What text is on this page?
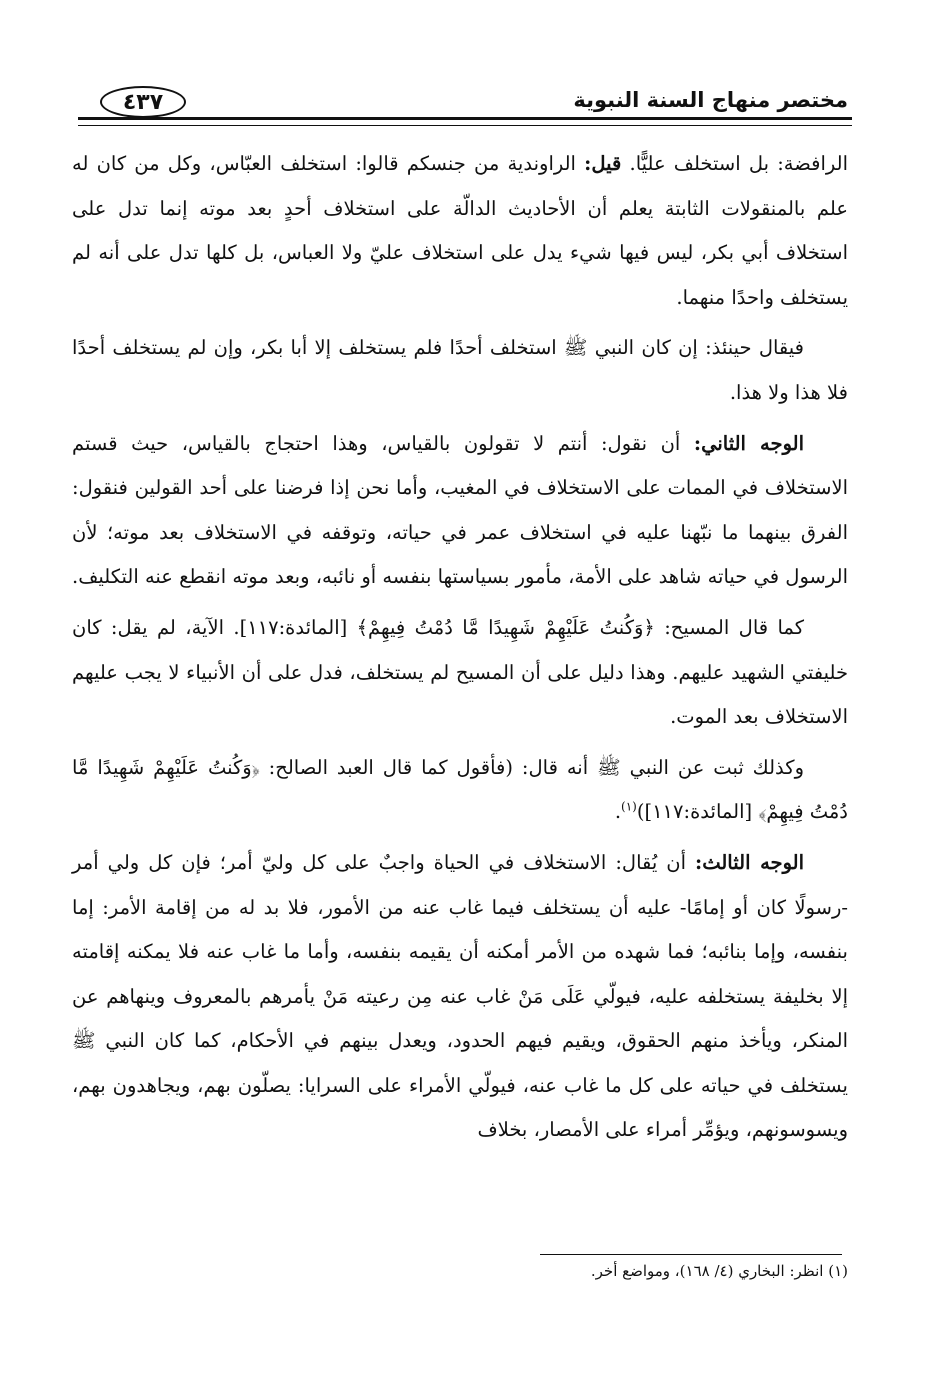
مختصر منهاج السنة النبوية
٤٣٧

الرافضة: بل استخلف عليًّا. قيل: الراوندية من جنسكم قالوا: استخلف العبّاس، وكل من كان له علم بالمنقولات الثابتة يعلم أن الأحاديث الدالّة على استخلاف أحدٍ بعد موته إنما تدل على استخلاف أبي بكر، ليس فيها شيء يدل على استخلاف عليّ ولا العباس، بل كلها تدل على أنه لم يستخلف واحدًا منهما.

فيقال حينئذ: إن كان النبي ﷺ استخلف أحدًا فلم يستخلف إلا أبا بكر، وإن لم يستخلف أحدًا فلا هذا ولا هذا.

الوجه الثاني: أن نقول: أنتم لا تقولون بالقياس، وهذا احتجاج بالقياس، حيث قستم الاستخلاف في الممات على الاستخلاف في المغيب، وأما نحن إذا فرضنا على أحد القولين فنقول: الفرق بينهما ما نبّهنا عليه في استخلاف عمر في حياته، وتوقفه في الاستخلاف بعد موته؛ لأن الرسول في حياته شاهد على الأمة، مأمور بسياستها بنفسه أو نائبه، وبعد موته انقطع عنه التكليف.

كما قال المسيح: ﴿وَكُنتُ عَلَيْهِمْ شَهِيدًا مَّا دُمْتُ فِيهِمْ﴾ [المائدة:١١٧]. الآية، لم يقل: كان خليفتي الشهيد عليهم. وهذا دليل على أن المسيح لم يستخلف، فدل على أن الأنبياء لا يجب عليهم الاستخلاف بعد الموت.

وكذلك ثبت عن النبي ﷺ أنه قال: (فأقول كما قال العبد الصالح: ﴿وَكُنتُ عَلَيْهِمْ شَهِيدًا مَّا دُمْتُ فِيهِمْ﴾ [المائدة:١١٧])$^{(١)}$.

الوجه الثالث: أن يُقال: الاستخلاف في الحياة واجبٌ على كل وليّ أمر؛ فإن كل ولي أمر -رسولًا كان أو إمامًا- عليه أن يستخلف فيما غاب عنه من الأمور، فلا بد له من إقامة الأمر: إما بنفسه، وإما بنائبه؛ فما شهده من الأمر أمكنه أن يقيمه بنفسه، وأما ما غاب عنه فلا يمكنه إقامته إلا بخليفة يستخلفه عليه، فيولّي عَلَى مَنْ غاب عنه مِن رعيته مَنْ يأمرهم بالمعروف وينهاهم عن المنكر، ويأخذ منهم الحقوق، ويقيم فيهم الحدود، ويعدل بينهم في الأحكام، كما كان النبي ﷺ يستخلف في حياته على كل ما غاب عنه، فيولّي الأمراء على السرايا: يصلّون بهم، ويجاهدون بهم، ويسوسونهم، ويؤمِّر أمراء على الأمصار، بخلاف

(١) انظر: البخاري (٤/ ١٦٨)، ومواضع أخر.
